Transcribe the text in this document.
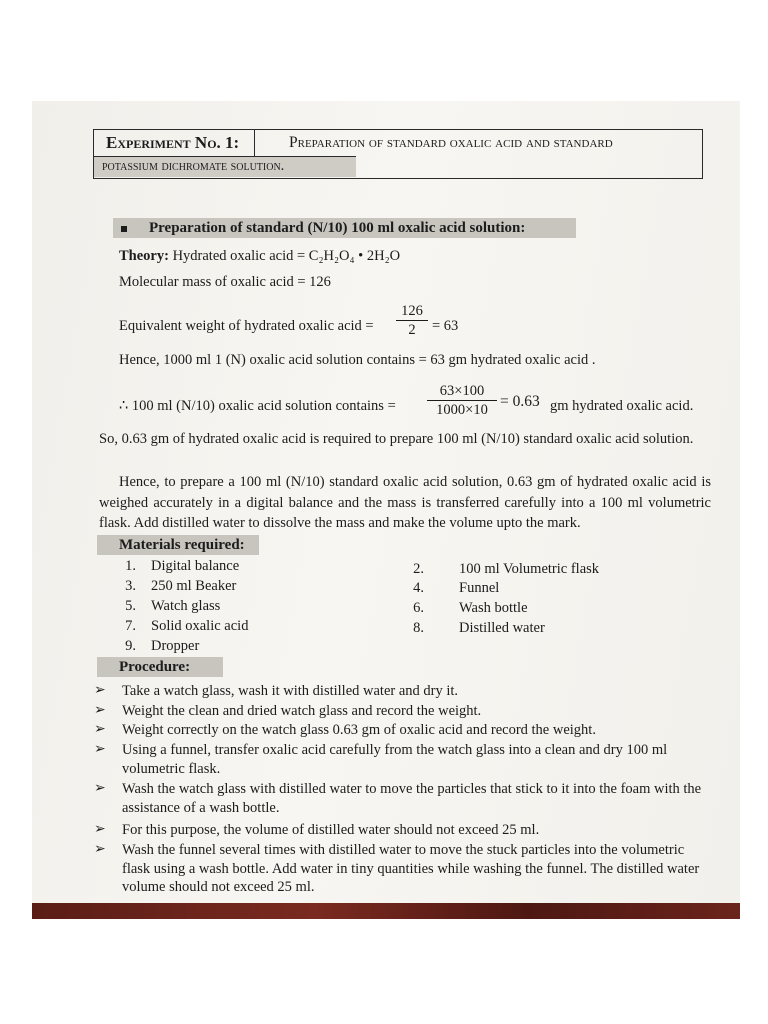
Experiment No. 1:	Preparation of standard oxalic acid and standard
potassium dichromate solution.
Preparation of standard (N/10) 100 ml oxalic acid solution:
Theory: Hydrated oxalic acid = C₂H₂O₄ • 2H₂O
Molecular mass of oxalic acid = 126
Equivalent weight of hydrated oxalic acid = $\frac{126}{2} = 63$
Hence, 1000 ml 1 (N) oxalic acid solution contains = 63 gm hydrated oxalic acid .
∴ 100 ml (N/10) oxalic acid solution contains = $\frac{63\times 100}{1000\times 10} = 0.63$ gm hydrated oxalic acid.
So, 0.63 gm of hydrated oxalic acid is required to prepare 100 ml (N/10) standard oxalic acid solution.
Hence, to prepare a 100 ml (N/10) standard oxalic acid solution, 0.63 gm of hydrated oxalic acid is weighed accurately in a digital balance and the mass is transferred carefully into a 100 ml volumetric flask. Add distilled water to dissolve the mass and make the volume upto the mark.
Materials required:
1. Digital balance	2. 100 ml Volumetric flask
3. 250 ml Beaker	4. Funnel
5. Watch glass	6. Wash bottle
7. Solid oxalic acid	8. Distilled water
9. Dropper
Procedure:
➢ Take a watch glass, wash it with distilled water and dry it.
➢ Weight the clean and dried watch glass and record the weight.
➢ Weight correctly on the watch glass 0.63 gm of oxalic acid and record the weight.
➢ Using a funnel, transfer oxalic acid carefully from the watch glass into a clean and dry 100 ml volumetric flask.
➢ Wash the watch glass with distilled water to move the particles that stick to it into the foam with the assistance of a wash bottle.
➢ For this purpose, the volume of distilled water should not exceed 25 ml.
➢ Wash the funnel several times with distilled water to move the stuck particles into the volumetric flask using a wash bottle. Add water in tiny quantities while washing the funnel. The distilled water volume should not exceed 25 ml.
